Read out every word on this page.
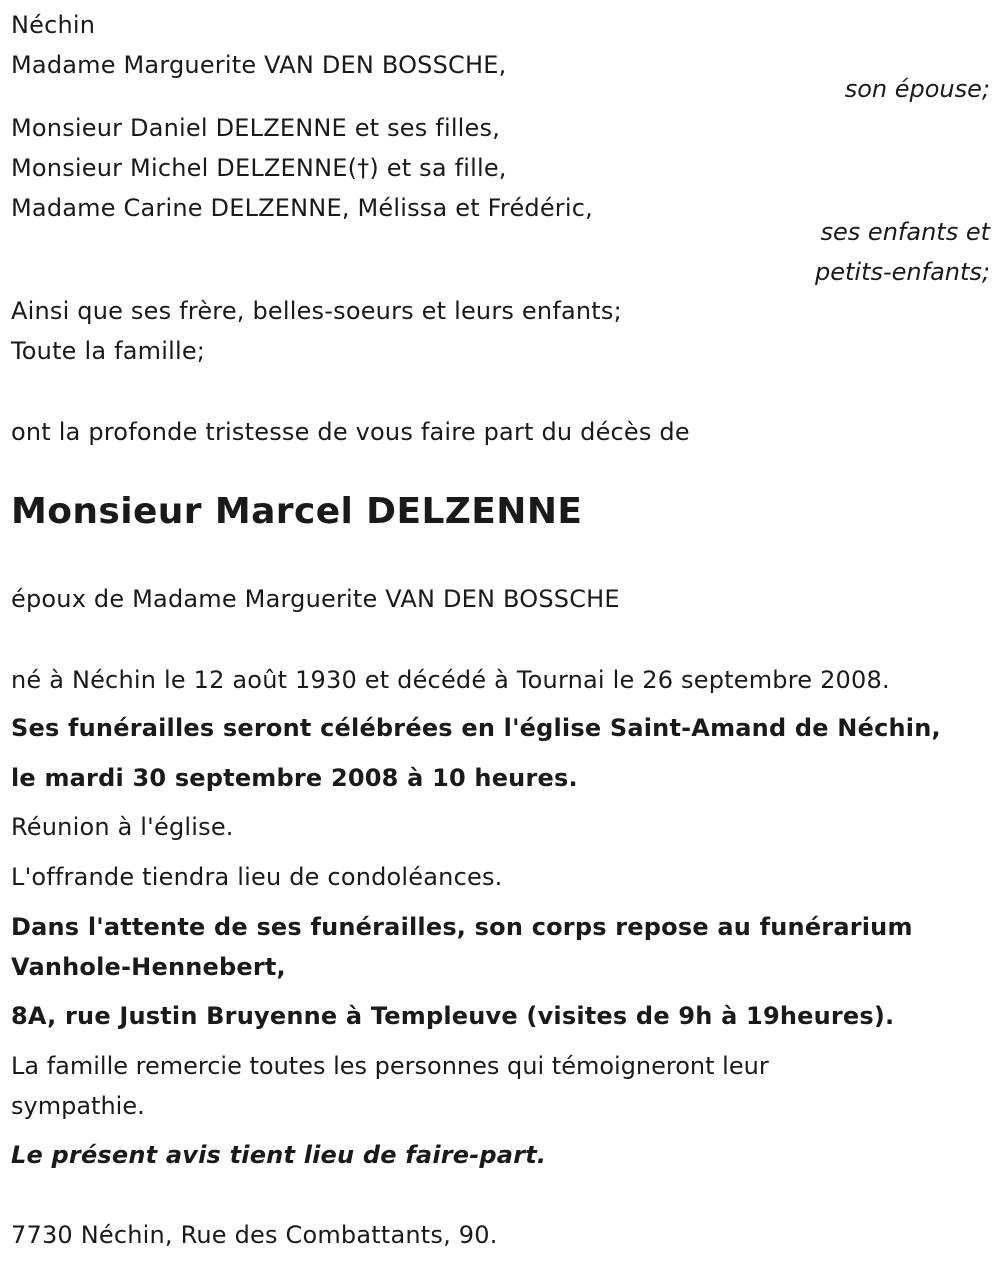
Néchin
Madame Marguerite VAN DEN BOSSCHE,
son épouse;
Monsieur Daniel DELZENNE et ses filles,
Monsieur Michel DELZENNE(†) et sa fille,
Madame Carine DELZENNE, Mélissa et Frédéric,
ses enfants et
petits-enfants;
Ainsi que ses frère, belles-soeurs et leurs enfants;
Toute la famille;
ont la profonde tristesse de vous faire part du décès de
Monsieur Marcel DELZENNE
époux de Madame Marguerite VAN DEN BOSSCHE
né à Néchin le 12 août 1930 et décédé à Tournai le 26 septembre 2008.
Ses funérailles seront célébrées en l'église Saint-Amand de Néchin,
le mardi 30 septembre 2008 à 10 heures.
Réunion à l'église.
L'offrande tiendra lieu de condoléances.
Dans l'attente de ses funérailles, son corps repose au funérarium
Vanhole-Hennebert,
8A, rue Justin Bruyenne à Templeuve (visites de 9h à 19heures).
La famille remercie toutes les personnes qui témoigneront leur sympathie.
Le présent avis tient lieu de faire-part.
7730 Néchin, Rue des Combattants, 90.
